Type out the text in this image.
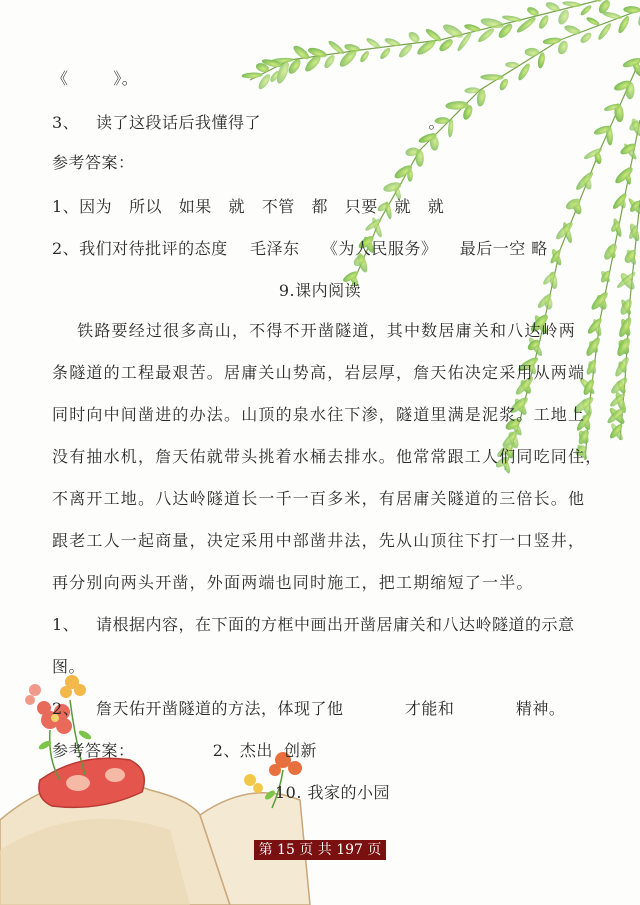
《        》。
3、   读了这段话后我懂得了                              。
参考答案：
1、因为   所以   如果   就   不管   都   只要   就   就
2、我们对待批评的态度    毛泽东    《为人民服务》    最后一空 略
9.课内阅读
铁路要经过很多高山，不得不开凿隧道，其中数居庸关和八达岭两
条隧道的工程最艰苦。居庸关山势高，岩层厚，詹天佑决定采用从两端
同时向中间凿进的办法。山顶的泉水往下渗，隧道里满是泥浆。工地上
没有抽水机，詹天佑就带头挑着水桶去排水。他常常跟工人们同吃同住，
不离开工地。八达岭隧道长一千一百多米，有居庸关隧道的三倍长。他
跟老工人一起商量，决定采用中部凿井法，先从山顶往下打一口竖井，
再分别向两头开凿，外面两端也同时施工，把工期缩短了一半。
1、   请根据内容，在下面的方框中画出开凿居庸关和八达岭隧道的示意
图。
2、   詹天佑开凿隧道的方法，体现了他           才能和           精神。
参考答案：              2、杰出  创新
10. 我家的小园
第 15 页 共 197 页
